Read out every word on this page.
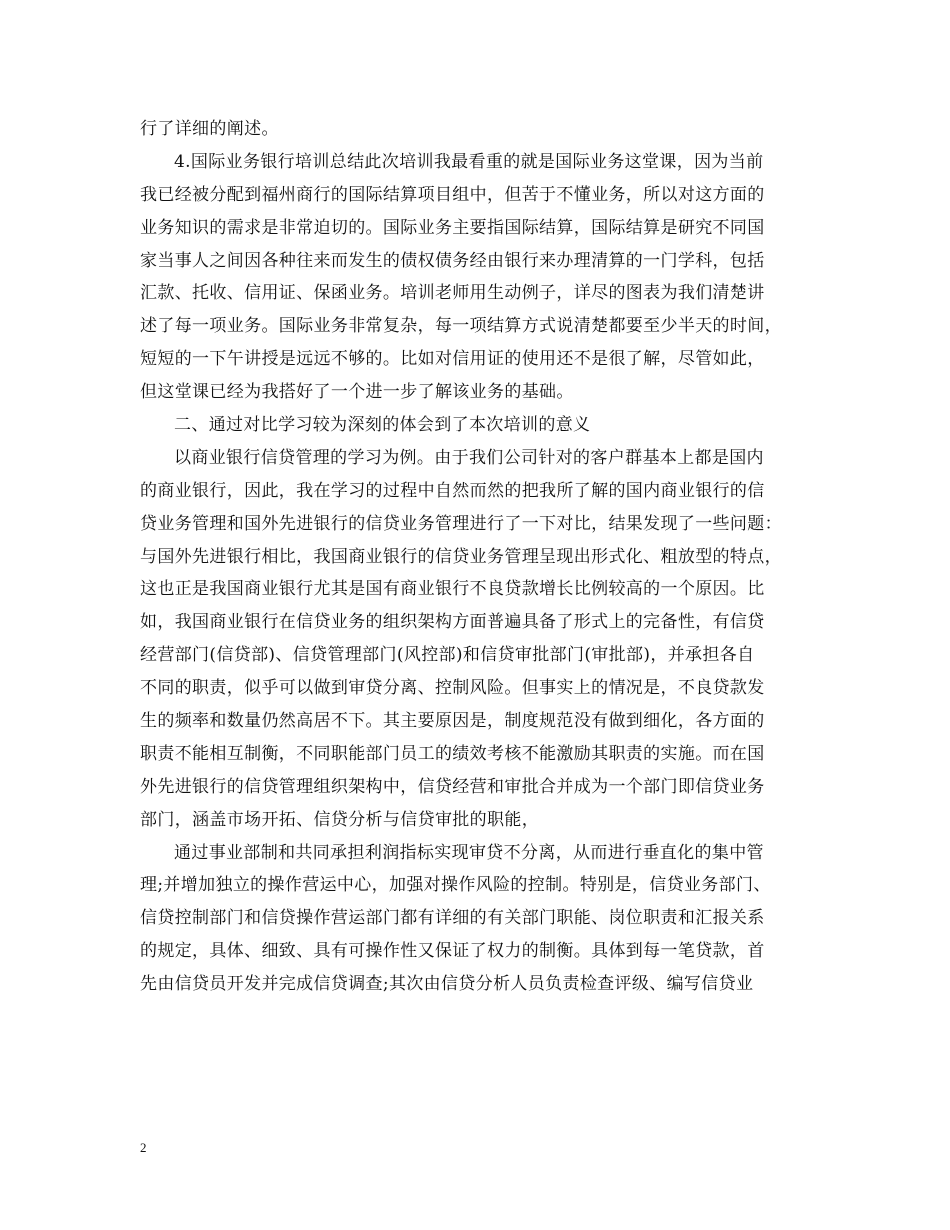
行了详细的阐述。
4.国际业务银行培训总结此次培训我最看重的就是国际业务这堂课，因为当前
我已经被分配到福州商行的国际结算项目组中，但苦于不懂业务，所以对这方面的
业务知识的需求是非常迫切的。国际业务主要指国际结算，国际结算是研究不同国
家当事人之间因各种往来而发生的债权债务经由银行来办理清算的一门学科，包括
汇款、托收、信用证、保函业务。培训老师用生动例子，详尽的图表为我们清楚讲
述了每一项业务。国际业务非常复杂，每一项结算方式说清楚都要至少半天的时间，
短短的一下午讲授是远远不够的。比如对信用证的使用还不是很了解，尽管如此，
但这堂课已经为我搭好了一个进一步了解该业务的基础。
二、通过对比学习较为深刻的体会到了本次培训的意义
以商业银行信贷管理的学习为例。由于我们公司针对的客户群基本上都是国内
的商业银行，因此，我在学习的过程中自然而然的把我所了解的国内商业银行的信
贷业务管理和国外先进银行的信贷业务管理进行了一下对比，结果发现了一些问题：
与国外先进银行相比，我国商业银行的信贷业务管理呈现出形式化、粗放型的特点，
这也正是我国商业银行尤其是国有商业银行不良贷款增长比例较高的一个原因。比
如，我国商业银行在信贷业务的组织架构方面普遍具备了形式上的完备性，有信贷
经营部门(信贷部)、信贷管理部门(风控部)和信贷审批部门(审批部)，并承担各自
不同的职责，似乎可以做到审贷分离、控制风险。但事实上的情况是，不良贷款发
生的频率和数量仍然高居不下。其主要原因是，制度规范没有做到细化，各方面的
职责不能相互制衡，不同职能部门员工的绩效考核不能激励其职责的实施。而在国
外先进银行的信贷管理组织架构中，信贷经营和审批合并成为一个部门即信贷业务
部门，涵盖市场开拓、信贷分析与信贷审批的职能，
通过事业部制和共同承担利润指标实现审贷不分离，从而进行垂直化的集中管
理;并增加独立的操作营运中心，加强对操作风险的控制。特别是，信贷业务部门、
信贷控制部门和信贷操作营运部门都有详细的有关部门职能、岗位职责和汇报关系
的规定，具体、细致、具有可操作性又保证了权力的制衡。具体到每一笔贷款，首
先由信贷员开发并完成信贷调查;其次由信贷分析人员负责检查评级、编写信贷业
2
